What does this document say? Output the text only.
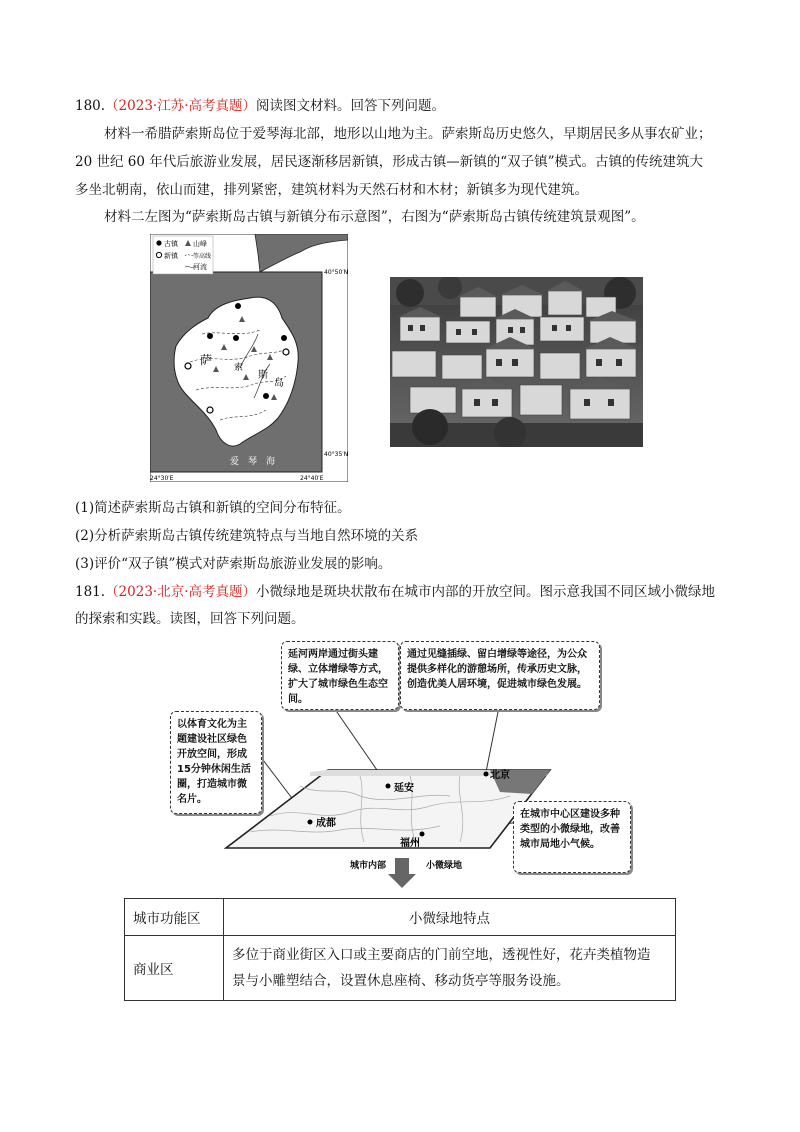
180.（2023·江苏·高考真题）阅读图文材料。回答下列问题。
材料一希腊萨索斯岛位于爱琴海北部，地形以山地为主。萨索斯岛历史悠久，早期居民多从事农矿业；
20 世纪 60 年代后旅游业发展，居民逐渐移居新镇，形成古镇—新镇的“双子镇”模式。古镇的传统建筑大
多坐北朝南，依山而建，排列紧密，建筑材料为天然石材和木材；新镇多为现代建筑。
材料二左图为“萨索斯岛古镇与新镇分布示意图”，右图为“萨索斯岛古镇传统建筑景观图”。
古镇
新镇
山峰
等高线
河流
萨
索
斯
岛
爱　琴　海
40°50′N
40°35′N
24°30′E	24°40′E
(1)简述萨索斯岛古镇和新镇的空间分布特征。
(2)分析萨索斯岛古镇传统建筑特点与当地自然环境的关系
(3)评价“双子镇”模式对萨索斯岛旅游业发展的影响。
181.（2023·北京·高考真题）小微绿地是斑块状散布在城市内部的开放空间。图示意我国不同区域小微绿地
的探索和实践。读图，回答下列问题。
北京
延安
成都
福州
城市内部	小微绿地
延河两岸通过街头建绿、立体增绿等方式，扩大了城市绿色生态空间。
通过见缝插绿、留白增绿等途径，为公众提供多样化的游憩场所，传承历史文脉，创造优美人居环境，促进城市绿色发展。
以体育文化为主题建设社区绿色开放空间，形成15分钟休闲生活圈，打造城市微名片。
在城市中心区建设多种类型的小微绿地，改善城市局地小气候。
城市功能区	小微绿地特点
商业区	多位于商业街区入口或主要商店的门前空地，透视性好，花卉类植物造
景与小雕塑结合，设置休息座椅、移动货亭等服务设施。
